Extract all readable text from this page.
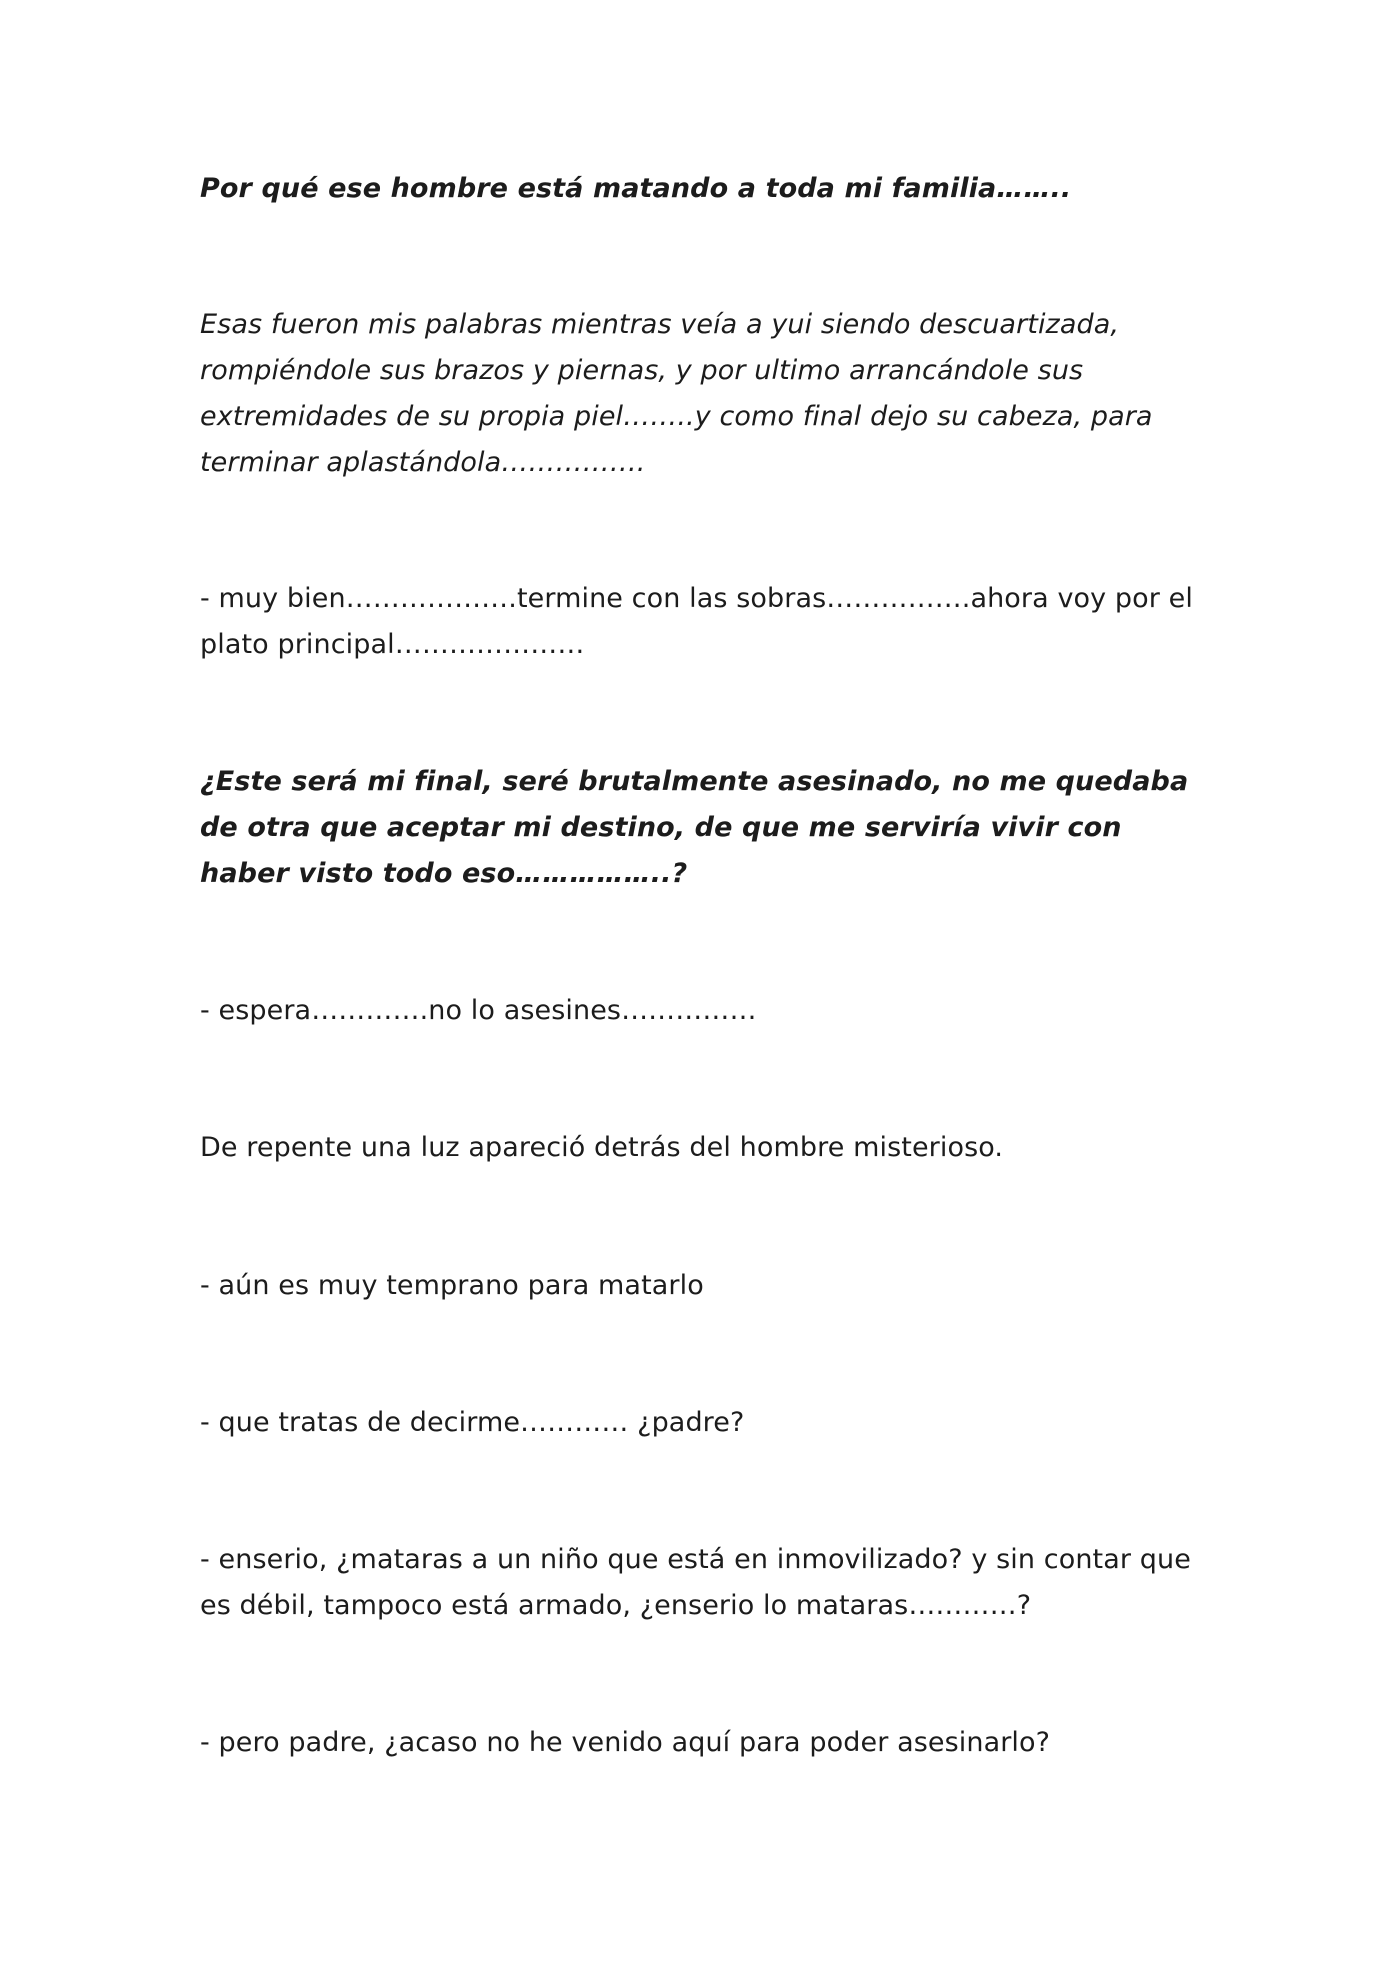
Por qué ese hombre está matando a toda mi familia……..

Esas fueron mis palabras mientras veía a yui siendo descuartizada, rompiéndole sus brazos y piernas, y por ultimo arrancándole sus extremidades de su propia piel……..y como final dejo su cabeza, para terminar aplastándola…………….

- muy bien……………….termine con las sobras…………….ahora voy por el plato principal…………………

¿Este será mi final, seré brutalmente asesinado, no me quedaba de otra que aceptar mi destino, de que me serviría vivir con haber visto todo eso……………..?

- espera………….no lo asesines……………

De repente una luz apareció detrás del hombre misterioso.

- aún es muy temprano para matarlo

- que tratas de decirme………… ¿padre?

- enserio, ¿mataras a un niño que está en inmovilizado? y sin contar que es débil, tampoco está armado, ¿enserio lo mataras…………?

- pero padre, ¿acaso no he venido aquí para poder asesinarlo?
